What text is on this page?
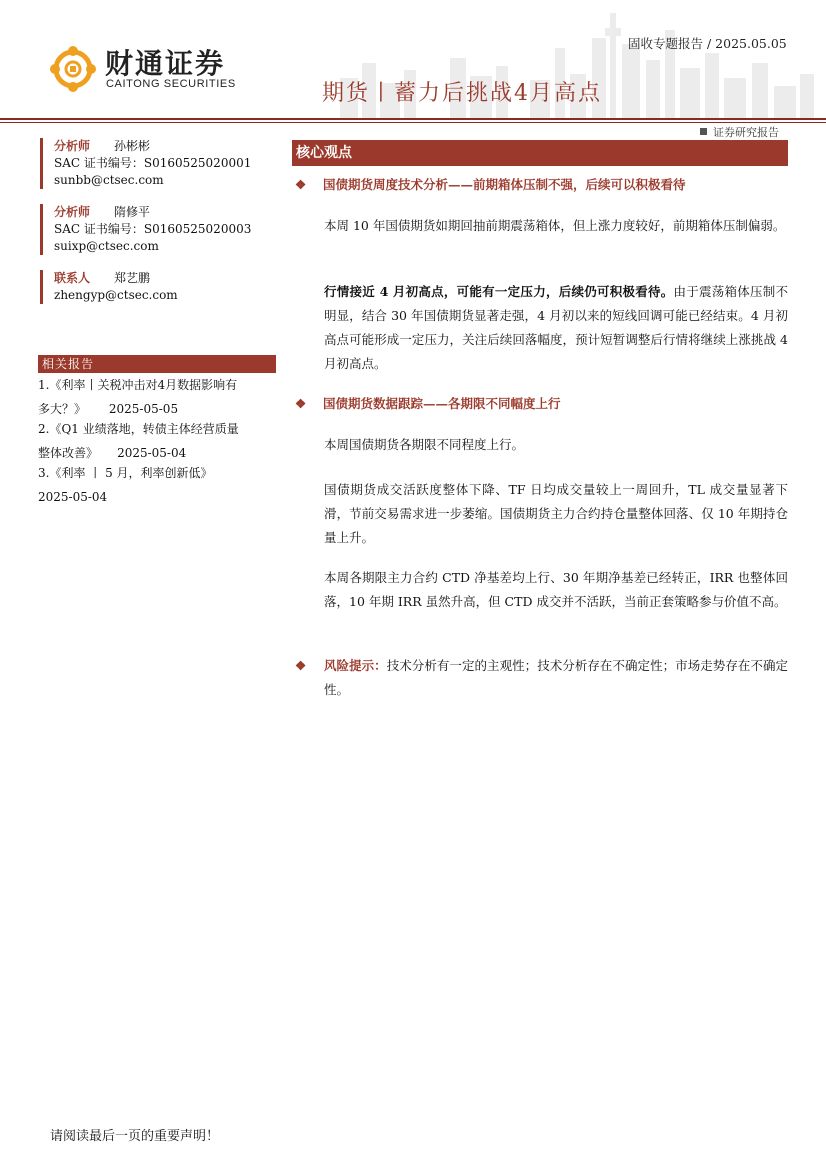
财通证券
CAITONG SECURITIES
固收专题报告 / 2025.05.05
期货丨蓄力后挑战4月高点
证券研究报告
分析师 孙彬彬
SAC 证书编号：S0160525020001
sunbb@ctsec.com
分析师 隋修平
SAC 证书编号：S0160525020003
suixp@ctsec.com
联系人 郑艺鹏
zhengyp@ctsec.com
相关报告
1.《利率丨关税冲击对4月数据影响有
多大？》      2025-05-05
2.《Q1 业绩落地，转债主体经营质量
整体改善》     2025-05-04
3.《利率 丨 5 月，利率创新低》
2025-05-04
核心观点
❖ 国债期货周度技术分析——前期箱体压制不强，后续可以积极看待
本周 10 年国债期货如期回抽前期震荡箱体，但上涨力度较好，前期箱体压制偏弱。
行情接近 4 月初高点，可能有一定压力，后续仍可积极看待。由于震荡箱体压制不明显，结合 30 年国债期货显著走强，4 月初以来的短线回调可能已经结束。4 月初高点可能形成一定压力，关注后续回落幅度，预计短暂调整后行情将继续上涨挑战 4 月初高点。
❖ 国债期货数据跟踪——各期限不同幅度上行
本周国债期货各期限不同程度上行。
国债期货成交活跃度整体下降、TF 日均成交量较上一周回升，TL 成交量显著下滑，节前交易需求进一步萎缩。国债期货主力合约持仓量整体回落、仅 10 年期持仓量上升。
本周各期限主力合约 CTD 净基差均上行、30 年期净基差已经转正，IRR 也整体回落，10 年期 IRR 虽然升高，但 CTD 成交并不活跃，当前正套策略参与价值不高。
❖	风险提示：技术分析有一定的主观性；技术分析存在不确定性；市场走势存在不确定性。
请阅读最后一页的重要声明！
